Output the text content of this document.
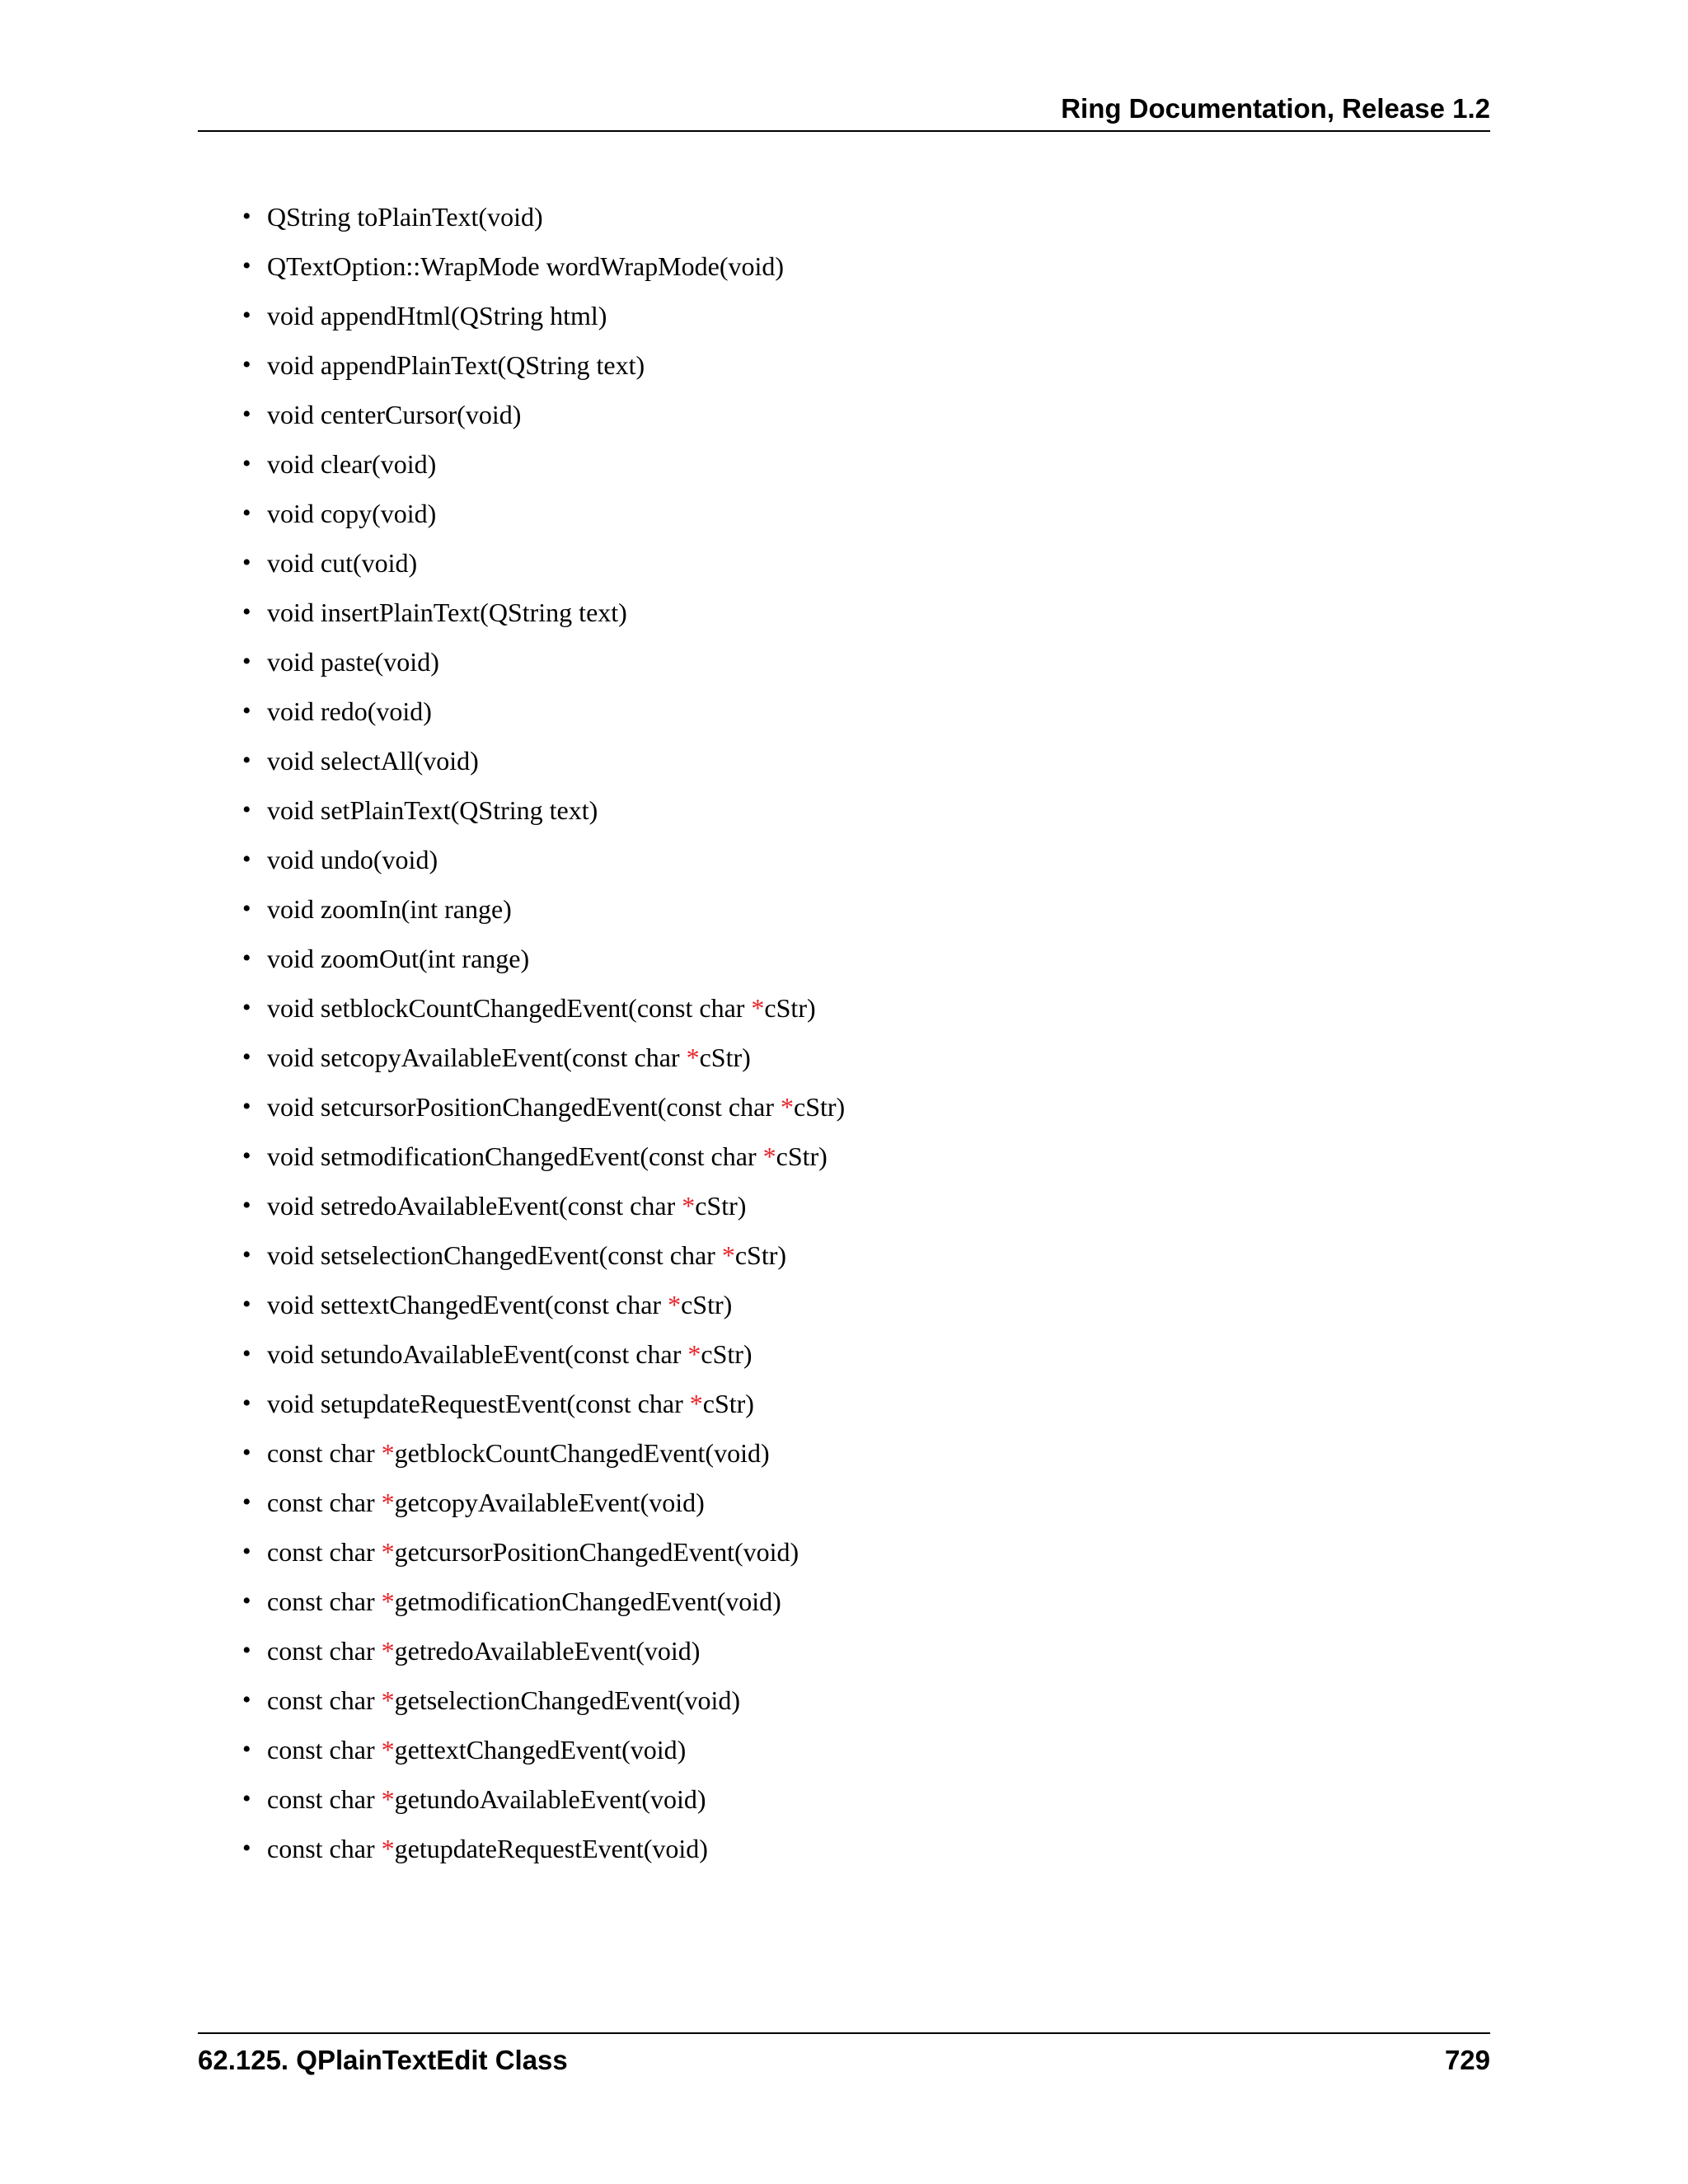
Ring Documentation, Release 1.2
• QString toPlainText(void)
• QTextOption::WrapMode wordWrapMode(void)
• void appendHtml(QString html)
• void appendPlainText(QString text)
• void centerCursor(void)
• void clear(void)
• void copy(void)
• void cut(void)
• void insertPlainText(QString text)
• void paste(void)
• void redo(void)
• void selectAll(void)
• void setPlainText(QString text)
• void undo(void)
• void zoomIn(int range)
• void zoomOut(int range)
• void setblockCountChangedEvent(const char *cStr)
• void setcopyAvailableEvent(const char *cStr)
• void setcursorPositionChangedEvent(const char *cStr)
• void setmodificationChangedEvent(const char *cStr)
• void setredoAvailableEvent(const char *cStr)
• void setselectionChangedEvent(const char *cStr)
• void settextChangedEvent(const char *cStr)
• void setundoAvailableEvent(const char *cStr)
• void setupdateRequestEvent(const char *cStr)
• const char *getblockCountChangedEvent(void)
• const char *getcopyAvailableEvent(void)
• const char *getcursorPositionChangedEvent(void)
• const char *getmodificationChangedEvent(void)
• const char *getredoAvailableEvent(void)
• const char *getselectionChangedEvent(void)
• const char *gettextChangedEvent(void)
• const char *getundoAvailableEvent(void)
• const char *getupdateRequestEvent(void)
62.125. QPlainTextEdit Class	729
